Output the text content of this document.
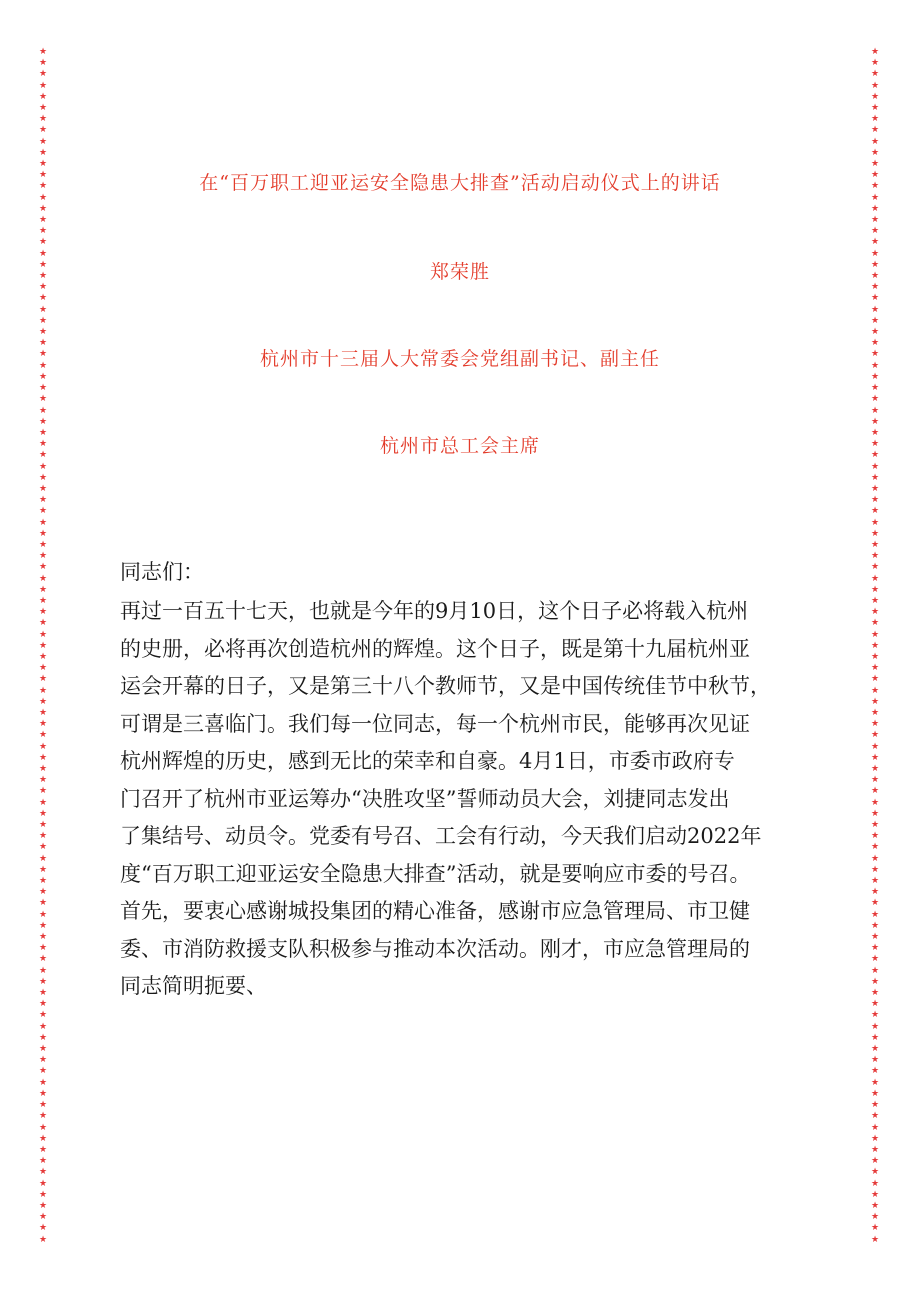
★
★
★
★
★
★
★
★
★
★
★
★
★
★
★
★
★
★
★
★
★
★
★
★
★
★
★
★
★
★
★
★
★
★
★
★
★
★
★
★
★
★
★
★
★
★
★
★
★
★
★
★
★
★
★
★
★
★
★
★
★
★
★
★
★
★
★
★
★
★
★
★
★
★
★
★
★
★
★
★
★
★
★
★
★
★
★
★
★
★
★
★
★
★
★
★
★
★
★
★
★
★
★
★
★
★
★
★
★
★
★
★
★
★
★
★
★
★
★
★
★
★
★
★
★
★
★
★
★
★
★
★
★
★
★
★
★
★
★
★
★
★
★
★
★
★
★
★
★
★
★
★
★
★
★
★
★
★
★
★
★
★
★
★
★
★
★
★
★
★
★
★
★
★
★
★
★
★
★
★
★
★
★
★
★
★
★
★
★
★
★
★
★
★
★
★
★
★
★
★
★
★
★
★
★
★
★
★
★
★
★
★
★
★
在“百万职工迎亚运安全隐患大排查”活动启动仪式上的讲话
郑荣胜
杭州市十三届人大常委会党组副书记、副主任
杭州市总工会主席
同志们：
再过一百五十七天，也就是今年的9月10日，这个日子必将载入杭州
的史册，必将再次创造杭州的辉煌。这个日子，既是第十九届杭州亚
运会开幕的日子，又是第三十八个教师节，又是中国传统佳节中秋节，
可谓是三喜临门。我们每一位同志，每一个杭州市民，能够再次见证
杭州辉煌的历史，感到无比的荣幸和自豪。4月1日，市委市政府专
门召开了杭州市亚运筹办“决胜攻坚”誓师动员大会，刘捷同志发出
了集结号、动员令。党委有号召、工会有行动，今天我们启动2022年
度“百万职工迎亚运安全隐患大排查”活动，就是要响应市委的号召。
首先，要衷心感谢城投集团的精心准备，感谢市应急管理局、市卫健
委、市消防救援支队积极参与推动本次活动。刚才，市应急管理局的
同志简明扼要、
